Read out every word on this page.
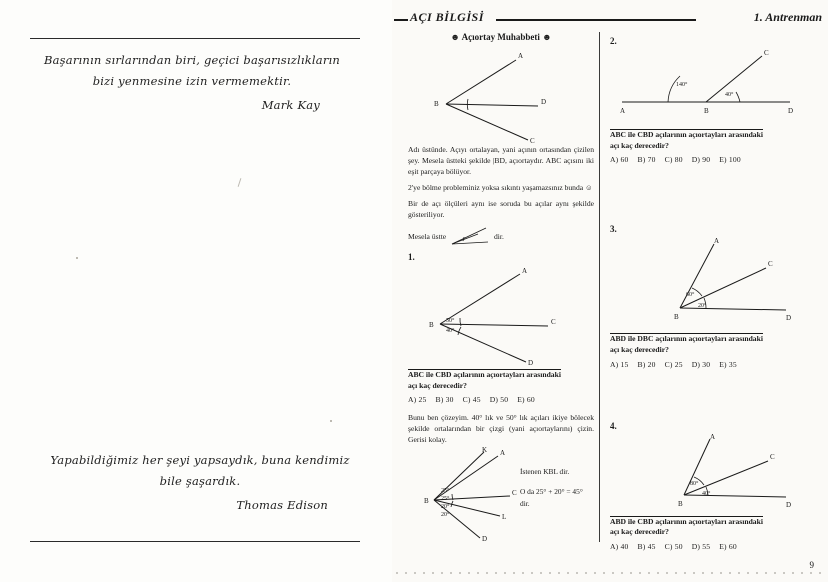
Başarının sırlarından biri, geçici başarısızlıkların
bizi yenmesine izin vermemektir.
Mark Kay
Yapabildiğimiz her şeyi yapsaydık, buna kendimiz
bile şaşardık.
Thomas Edison
AÇI BİLGİSİ	1. Antrenman
☻ Açıortay Muhabbeti ☻
A
B	D
C

Adı üstünde. Açıyı ortalayan, yani açının ortasından çizilen şey. Mesela üstteki şekilde |BD, açıortaydır. ABC açısını iki eşit parçaya bölüyor.

2'ye bölme probleminiz yoksa sıkıntı yaşamazsınız bunda ☺

Bir de açı ölçüleri aynı ise soruda bu açılar aynı şekilde gösteriliyor.

Mesela üstte	dir.
1.
A
B	C
D
50°
40°
ABC ile CBD açılarının açıortayları arasındaki
açı kaç derecedir?
A) 25 B) 30 C) 45 D) 50 E) 60

Bunu ben çözeyim. 40° lık ve 50° lık açıları ikiye bölecek şekilde ortalarından bir çizgi (yani açıortaylarını) çizin. Gerisi kolay.

A
K
C
L
D
B
25°
25°
20°
20°
İstenen KBL dir.
O da 25° + 20° = 45° dir.
2.
C
A	B	D
140°
40°
ABC ile CBD açılarının açıortayları arasındaki
açı kaç derecedir?
A) 60 B) 70 C) 80 D) 90 E) 100
3.
A
C
B	D
60°
20°
ABD ile DBC açılarının açıortayları arasındaki
açı kaç derecedir?
A) 15 B) 20 C) 25 D) 30 E) 35
4.
A
C
B	D
80°
40°
ABD ile CBD açılarının açıortayları arasındaki
açı kaç derecedir?
A) 40 B) 45 C) 50 D) 55 E) 60
9
